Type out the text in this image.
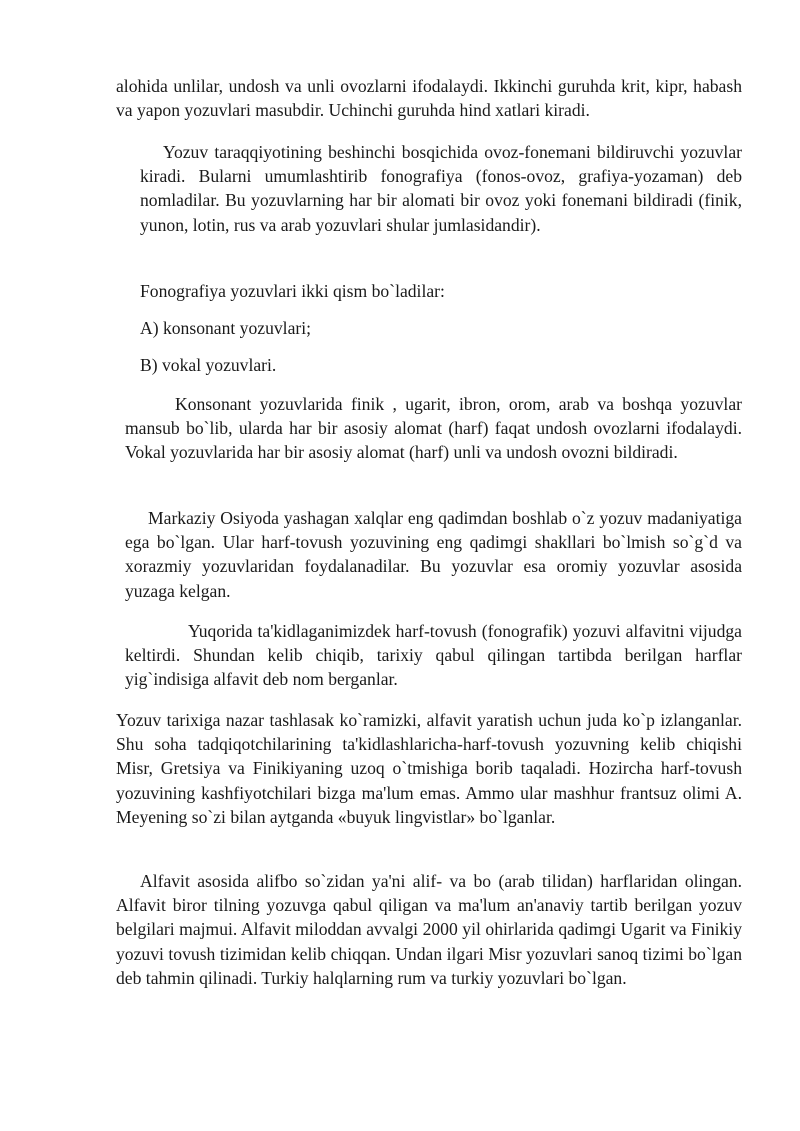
alohida unlilar, undosh va unli ovozlarni ifodalaydi. Ikkinchi guruhda krit, kipr, habash va yapon yozuvlari masubdir. Uchinchi guruhda hind xatlari kiradi.

Yozuv taraqqiyotining beshinchi bosqichida ovoz-fonemani bildiruvchi yozuvlar kiradi. Bularni umumlashtirib fonografiya (fonos-ovoz, grafiya-yozaman) deb nomladilar. Bu yozuvlarning har bir alomati bir ovoz yoki fonemani bildiradi (finik, yunon, lotin, rus va arab yozuvlari shular jumlasidandir).

Fonografiya yozuvlari ikki qism bo`ladilar:

A) konsonant yozuvlari;

B) vokal yozuvlari.

Konsonant yozuvlarida finik , ugarit, ibron, orom, arab va boshqa yozuvlar mansub bo`lib, ularda har bir asosiy alomat (harf) faqat undosh ovozlarni ifodalaydi. Vokal yozuvlarida har bir asosiy alomat (harf) unli va undosh ovozni bildiradi.

Markaziy Osiyoda yashagan xalqlar eng qadimdan boshlab o`z yozuv madaniyatiga ega bo`lgan. Ular harf-tovush yozuvining eng qadimgi shakllari bo`lmish so`g`d va xorazmiy yozuvlaridan foydalanadilar. Bu yozuvlar esa oromiy yozuvlar asosida yuzaga kelgan.

Yuqorida ta'kidlaganimizdek harf-tovush (fonografik) yozuvi alfavitni vijudga keltirdi. Shundan kelib chiqib, tarixiy qabul qilingan tartibda berilgan harflar yig`indisiga alfavit deb nom berganlar.

Yozuv tarixiga nazar tashlasak ko`ramizki, alfavit yaratish uchun juda ko`p izlanganlar. Shu soha tadqiqotchilarining ta'kidlashlaricha-harf-tovush yozuvning kelib chiqishi Misr, Gretsiya va Finikiyaning uzoq o`tmishiga borib taqaladi. Hozircha harf-tovush yozuvining kashfiyotchilari bizga ma'lum emas. Ammo ular mashhur frantsuz olimi A. Meyening so`zi bilan aytganda «buyuk lingvistlar» bo`lganlar.

Alfavit asosida alifbo so`zidan ya'ni alif- va bo (arab tilidan) harflaridan olingan. Alfavit biror tilning yozuvga qabul qiligan va ma'lum an'anaviy tartib berilgan yozuv belgilari majmui. Alfavit miloddan avvalgi 2000 yil ohirlarida qadimgi Ugarit va Finikiy yozuvi tovush tizimidan kelib chiqqan. Undan ilgari Misr yozuvlari sanoq tizimi bo`lgan deb tahmin qilinadi. Turkiy halqlarning rum va turkiy yozuvlari bo`lgan.
